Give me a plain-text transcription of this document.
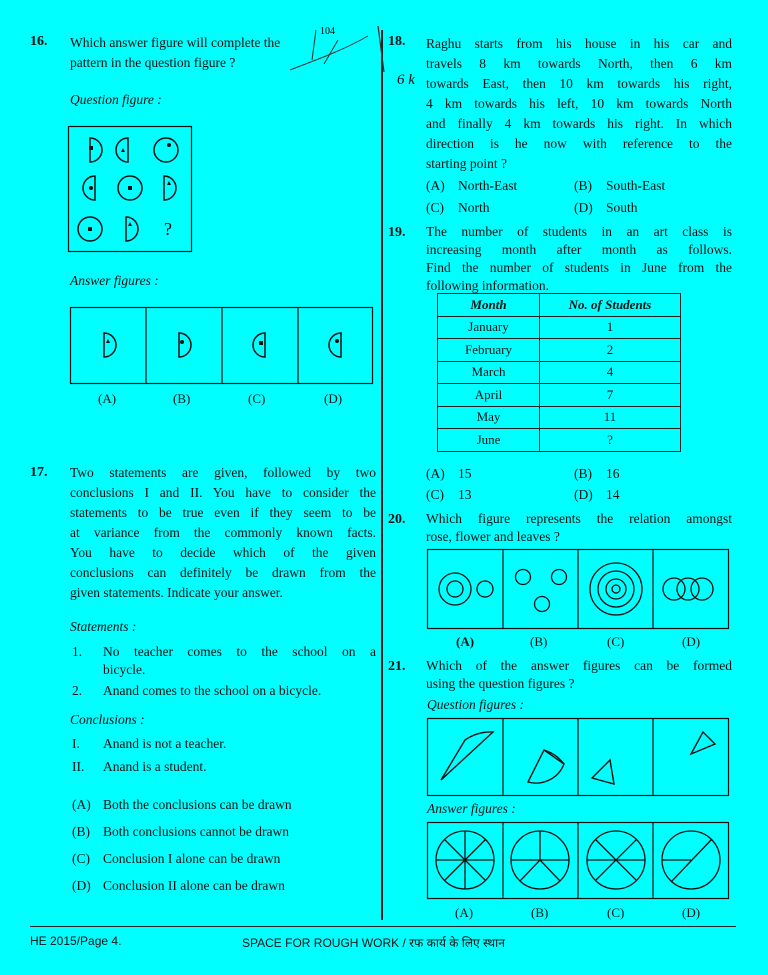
16. Which answer figure will complete the
pattern in the question figure ?
Question figure :
?
Answer figures :
(A)	(B)	(C)	(D)
17. Two statements are given, followed by two
conclusions I and II. You have to consider the
statements to be true even if they seem to be
at variance from the commonly known facts.
You have to decide which of the given
conclusions can definitely be drawn from the
given statements. Indicate your answer.
Statements :
1. No teacher comes to the school on a
bicycle.
2. Anand comes to the school on a bicycle.
Conclusions :
I. Anand is not a teacher.
II. Anand is a student.
(A) Both the conclusions can be drawn
(B) Both conclusions cannot be drawn
(C) Conclusion I alone can be drawn
(D) Conclusion II alone can be drawn
104
6 k
18. Raghu starts from his house in his car and
travels 8 km towards North, then 6 km
towards East, then 10 km towards his right,
4 km towards his left, 10 km towards North
and finally 4 km towards his right. In which
direction is he now with reference to the
starting point ?
(A) North-East	(B) South-East
(C) North	(D) South
19. The number of students in an art class is
increasing month after month as follows.
Find the number of students in June from the
following information.
Month	No. of Students
January	1
February	2
March	4
April	7
May	11
June	?
(A) 15	(B) 16
(C) 13	(D) 14
20. Which figure represents the relation amongst
rose, flower and leaves ?
(A)	(B)	(C)	(D)
21. Which of the answer figures can be formed
using the question figures ?
Question figures :
Answer figures :
(A)	(B)	(C)	(D)
HE 2015/Page 4.	SPACE FOR ROUGH WORK / रफ कार्य के लिए स्थान
